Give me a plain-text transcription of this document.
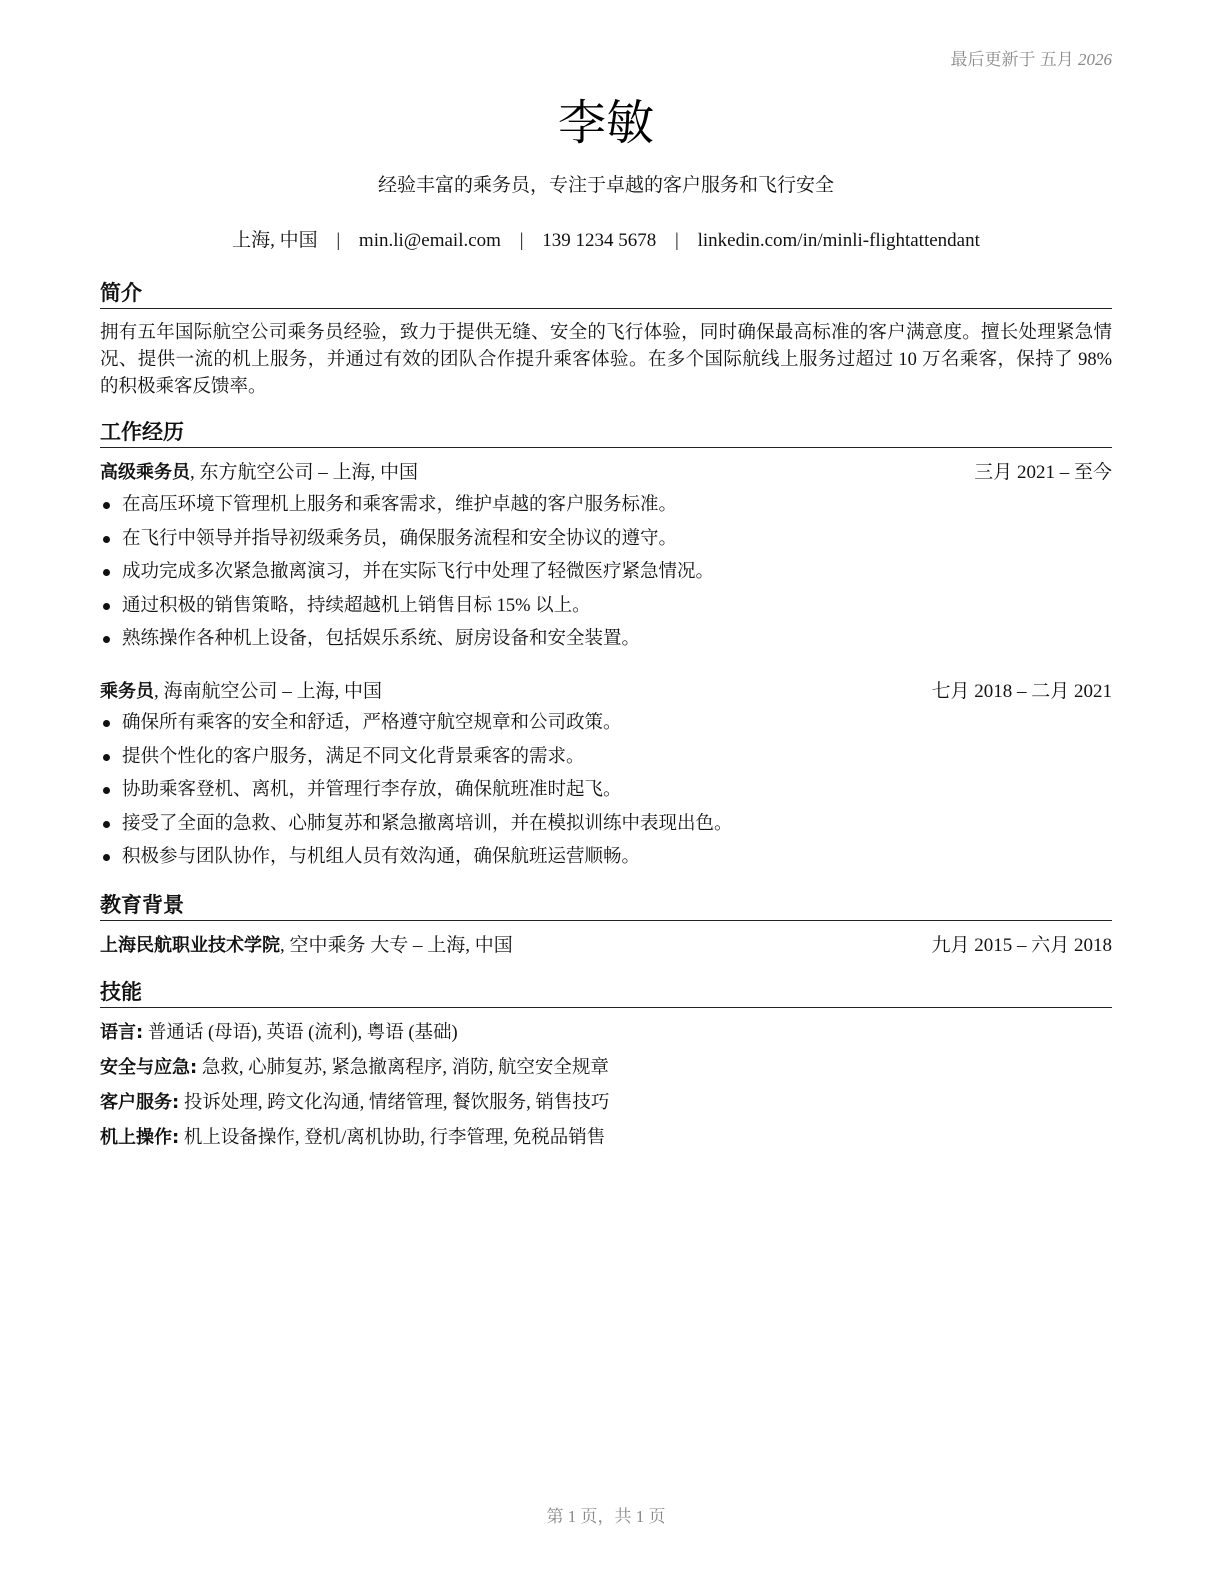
最后更新于 五月 2026
李敏
经验丰富的乘务员，专注于卓越的客户服务和飞行安全
上海, 中国 | min.li@email.com | 139 1234 5678 | linkedin.com/in/minli-flightattendant
简介
拥有五年国际航空公司乘务员经验，致力于提供无缝、安全的飞行体验，同时确保最高标准的客户满意度。擅长处理紧急情况、提供一流的机上服务，并通过有效的团队合作提升乘客体验。在多个国际航线上服务过超过 10 万名乘客，保持了 98% 的积极乘客反馈率。
工作经历
高级乘务员, 东方航空公司 – 上海, 中国	三月 2021 – 至今
在高压环境下管理机上服务和乘客需求，维护卓越的客户服务标准。
在飞行中领导并指导初级乘务员，确保服务流程和安全协议的遵守。
成功完成多次紧急撤离演习，并在实际飞行中处理了轻微医疗紧急情况。
通过积极的销售策略，持续超越机上销售目标 15% 以上。
熟练操作各种机上设备，包括娱乐系统、厨房设备和安全装置。
乘务员, 海南航空公司 – 上海, 中国	七月 2018 – 二月 2021
确保所有乘客的安全和舒适，严格遵守航空规章和公司政策。
提供个性化的客户服务，满足不同文化背景乘客的需求。
协助乘客登机、离机，并管理行李存放，确保航班准时起飞。
接受了全面的急救、心肺复苏和紧急撤离培训，并在模拟训练中表现出色。
积极参与团队协作，与机组人员有效沟通，确保航班运营顺畅。
教育背景
上海民航职业技术学院, 空中乘务 大专 – 上海, 中国	九月 2015 – 六月 2018
技能
语言: 普通话 (母语), 英语 (流利), 粤语 (基础)
安全与应急: 急救, 心肺复苏, 紧急撤离程序, 消防, 航空安全规章
客户服务: 投诉处理, 跨文化沟通, 情绪管理, 餐饮服务, 销售技巧
机上操作: 机上设备操作, 登机/离机协助, 行李管理, 免税品销售
第 1 页，共 1 页
